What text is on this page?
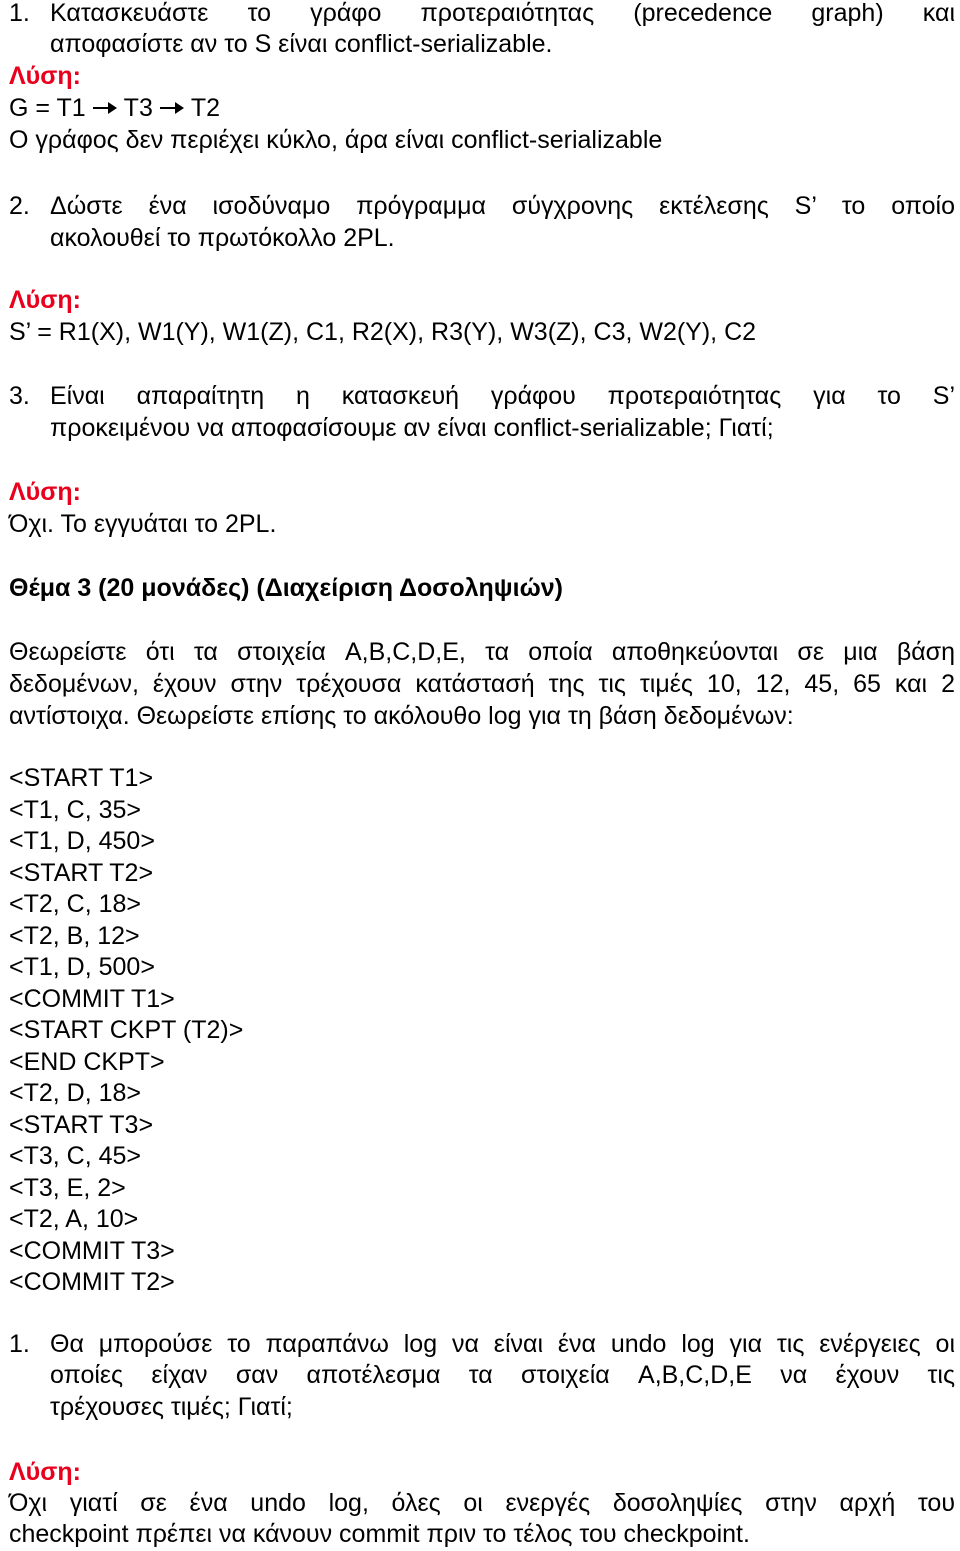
1. Κατασκευάστε το γράφο προτεραιότητας (precedence graph) και
αποφασίστε αν το S είναι conflict-serializable.
Λύση:
G = T1 T3 T2
Ο γράφος δεν περιέχει κύκλο, άρα είναι conflict-serializable
2. Δώστε ένα ισοδύναμο πρόγραμμα σύγχρονης εκτέλεσης S’ το οποίο
ακολουθεί το πρωτόκολλο 2PL.
Λύση:
S’ = R1(X), W1(Y), W1(Z), C1, R2(X), R3(Y), W3(Z), C3, W2(Y), C2
3. Είναι απαραίτητη η κατασκευή γράφου προτεραιότητας για το S’
προκειμένου να αποφασίσουμε αν είναι conflict-serializable; Γιατί;
Λύση:
Όχι. Το εγγυάται το 2PL.
Θέμα 3 (20 μονάδες) (Διαχείριση Δοσοληψιών)
Θεωρείστε ότι τα στοιχεία A,B,C,D,E, τα οποία αποθηκεύονται σε μια βάση
δεδομένων, έχουν στην τρέχουσα κατάστασή της τις τιμές 10, 12, 45, 65 και 2
αντίστοιχα. Θεωρείστε επίσης το ακόλουθο log για τη βάση δεδομένων:
<START T1>
<T1, C, 35>
<T1, D, 450>
<START T2>
<T2, C, 18>
<T2, B, 12>
<T1, D, 500>
<COMMIT T1>
<START CKPT (T2)>
<END CKPT>
<T2, D, 18>
<START T3>
<T3, C, 45>
<T3, E, 2>
<T2, A, 10>
<COMMIT T3>
<COMMIT T2>
1. Θα μπορούσε το παραπάνω log να είναι ένα undo log για τις ενέργειες οι
οποίες είχαν σαν αποτέλεσμα τα στοιχεία A,B,C,D,E να έχουν τις
τρέχουσες τιμές; Γιατί;
Λύση:
Όχι γιατί σε ένα undo log, όλες οι ενεργές δοσοληψίες στην αρχή του
checkpoint πρέπει να κάνουν commit πριν το τέλος του checkpoint.
